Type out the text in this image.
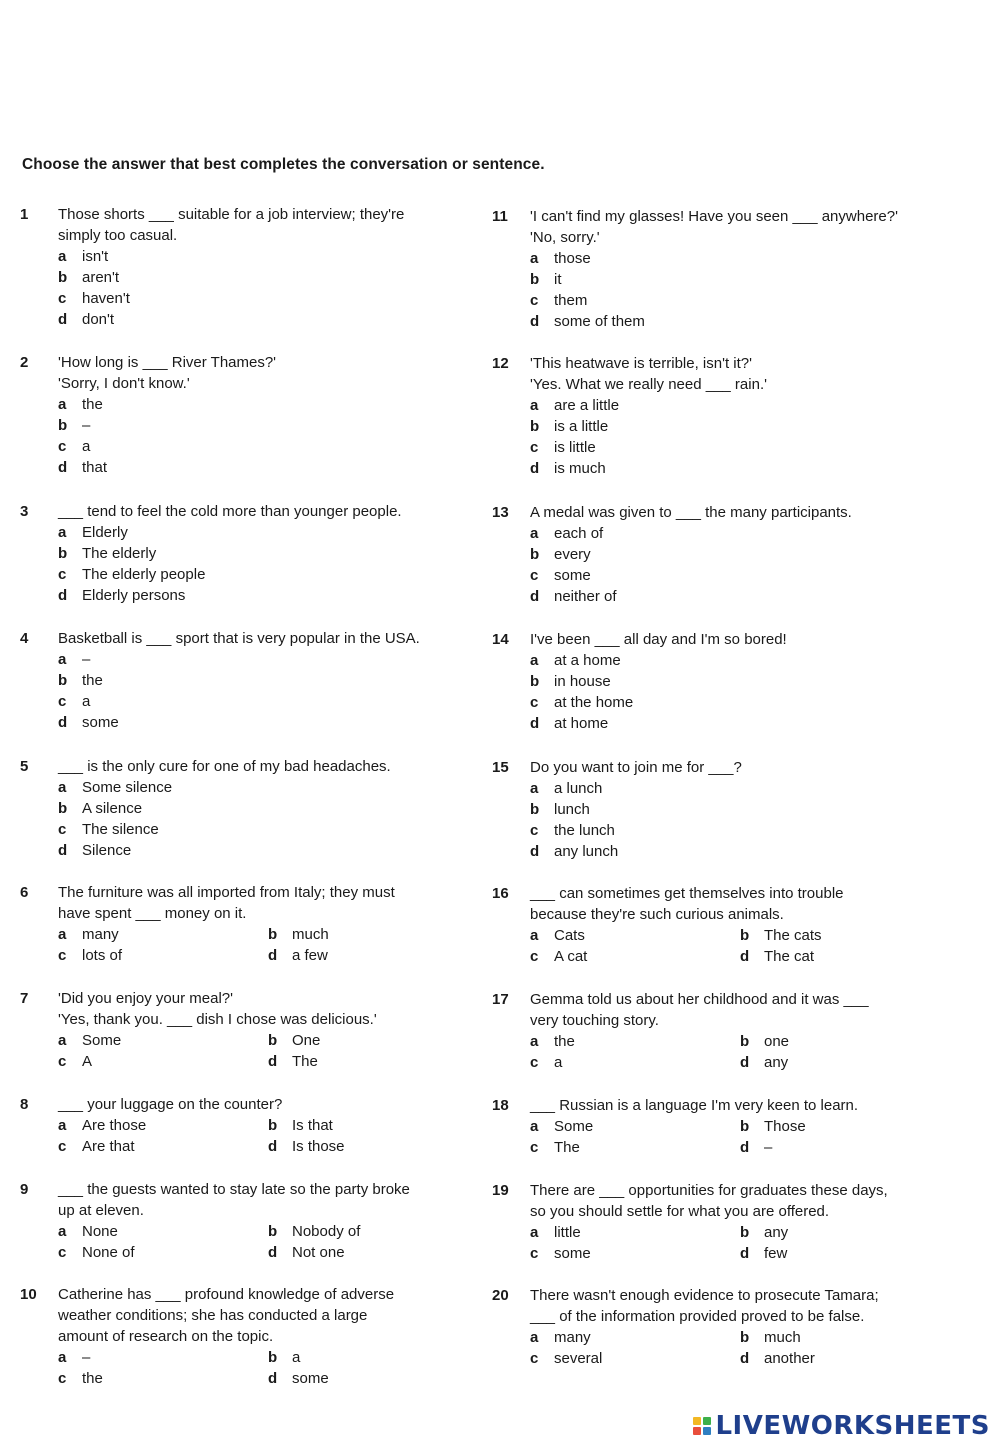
Choose the answer that best completes the conversation or sentence.
1	Those shorts ___ suitable for a job interview; they're
simply too casual.
a isn't
b aren't
c haven't
d don't
2	'How long is ___ River Thames?'
'Sorry, I don't know.'
a the
b –
c a
d that
3	___ tend to feel the cold more than younger people.
a Elderly
b The elderly
c The elderly people
d Elderly persons
4	Basketball is ___ sport that is very popular in the USA.
a –
b the
c a
d some
5	___ is the only cure for one of my bad headaches.
a Some silence
b A silence
c The silence
d Silence
6	The furniture was all imported from Italy; they must
have spent ___ money on it.
a many	b much
c lots of	d a few
7	'Did you enjoy your meal?'
'Yes, thank you. ___ dish I chose was delicious.'
a Some	b One
c A	d The
8	___ your luggage on the counter?
a Are those	b Is that
c Are that	d Is those
9	___ the guests wanted to stay late so the party broke
up at eleven.
a None	b Nobody of
c None of	d Not one
10	Catherine has ___ profound knowledge of adverse
weather conditions; she has conducted a large
amount of research on the topic.
a –	b a
c the	d some
11	'I can't find my glasses! Have you seen ___ anywhere?'
'No, sorry.'
a those
b it
c them
d some of them
12	'This heatwave is terrible, isn't it?'
'Yes. What we really need ___ rain.'
a are a little
b is a little
c is little
d is much
13	A medal was given to ___ the many participants.
a each of
b every
c some
d neither of
14	I've been ___ all day and I'm so bored!
a at a home
b in house
c at the home
d at home
15	Do you want to join me for ___?
a a lunch
b lunch
c the lunch
d any lunch
16	___ can sometimes get themselves into trouble
because they're such curious animals.
a Cats	b The cats
c A cat	d The cat
17	Gemma told us about her childhood and it was ___
very touching story.
a the	b one
c a	d any
18	___ Russian is a language I'm very keen to learn.
a Some	b Those
c The	d –
19	There are ___ opportunities for graduates these days,
so you should settle for what you are offered.
a little	b any
c some	d few
20	There wasn't enough evidence to prosecute Tamara;
___ of the information provided proved to be false.
a many	b much
c several	d another
LIVEWORKSHEETS
